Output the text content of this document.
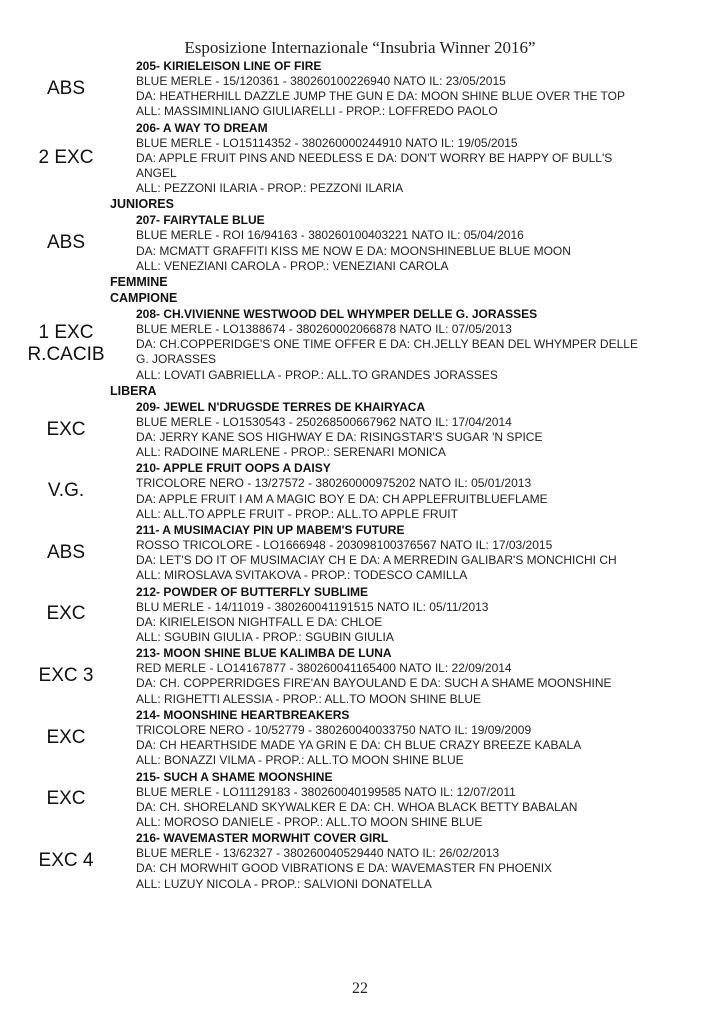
Esposizione Internazionale “Insubria Winner 2016”
ABS
205- KIRIELEISON LINE OF FIRE
BLUE MERLE - 15/120361 - 380260100226940 NATO IL: 23/05/2015
DA: HEATHERHILL DAZZLE JUMP THE GUN E DA: MOON SHINE BLUE OVER THE TOP
ALL: MASSIMINLIANO GIULIARELLI - PROP.: LOFFREDO PAOLO
2 EXC
206- A WAY TO DREAM
BLUE MERLE - LO15114352 - 380260000244910 NATO IL: 19/05/2015
DA: APPLE FRUIT PINS AND NEEDLESS E DA: DON'T WORRY BE HAPPY OF BULL'S
ANGEL
ALL: PEZZONI ILARIA - PROP.: PEZZONI ILARIA
JUNIORES
ABS
207- FAIRYTALE BLUE
BLUE MERLE - ROI 16/94163 - 380260100403221 NATO IL: 05/04/2016
DA: MCMATT GRAFFITI KISS ME NOW E DA: MOONSHINEBLUE BLUE MOON
ALL: VENEZIANI CAROLA - PROP.: VENEZIANI CAROLA
FEMMINE
CAMPIONE
1 EXC
R.CACIB
208- CH.VIVIENNE WESTWOOD DEL WHYMPER DELLE G. JORASSES
BLUE MERLE - LO1388674 - 380260002066878 NATO IL: 07/05/2013
DA: CH.COPPERIDGE'S ONE TIME OFFER E DA: CH.JELLY BEAN DEL WHYMPER DELLE
G. JORASSES
ALL: LOVATI GABRIELLA - PROP.: ALL.TO GRANDES JORASSES
LIBERA
EXC
209- JEWEL N'DRUGSDE TERRES DE KHAIRYACA
BLUE MERLE - LO1530543 - 250268500667962 NATO IL: 17/04/2014
DA: JERRY KANE SOS HIGHWAY E DA: RISINGSTAR'S SUGAR 'N SPICE
ALL: RADOINE MARLENE - PROP.: SERENARI MONICA
V.G.
210- APPLE FRUIT OOPS A DAISY
TRICOLORE NERO - 13/27572 - 380260000975202 NATO IL: 05/01/2013
DA: APPLE FRUIT I AM A MAGIC BOY E DA: CH APPLEFRUITBLUEFLAME
ALL: ALL.TO APPLE FRUIT - PROP.: ALL.TO APPLE FRUIT
ABS
211- A MUSIMACIAY PIN UP MABEM'S FUTURE
ROSSO TRICOLORE - LO1666948 - 203098100376567 NATO IL: 17/03/2015
DA: LET'S DO IT OF MUSIMACIAY CH E DA: A MERREDIN GALIBAR'S MONCHICHI CH
ALL: MIROSLAVA SVITAKOVA - PROP.: TODESCO CAMILLA
EXC
212- POWDER OF BUTTERFLY SUBLIME
BLU MERLE - 14/11019 - 380260041191515 NATO IL: 05/11/2013
DA: KIRIELEISON NIGHTFALL E DA: CHLOE
ALL: SGUBIN GIULIA - PROP.: SGUBIN GIULIA
EXC 3
213- MOON SHINE BLUE KALIMBA DE LUNA
RED MERLE - LO14167877 - 380260041165400 NATO IL: 22/09/2014
DA: CH. COPPERRIDGES FIRE'AN BAYOULAND E DA: SUCH A SHAME MOONSHINE
ALL: RIGHETTI ALESSIA - PROP.: ALL.TO MOON SHINE BLUE
EXC
214- MOONSHINE HEARTBREAKERS
TRICOLORE NERO - 10/52779 - 380260040033750 NATO IL: 19/09/2009
DA: CH HEARTHSIDE MADE YA GRIN E DA: CH BLUE CRAZY BREEZE KABALA
ALL: BONAZZI VILMA - PROP.: ALL.TO MOON SHINE BLUE
EXC
215- SUCH A SHAME MOONSHINE
BLUE MERLE - LO11129183 - 380260040199585 NATO IL: 12/07/2011
DA: CH. SHORELAND SKYWALKER E DA: CH. WHOA BLACK BETTY BABALAN
ALL: MOROSO DANIELE - PROP.: ALL.TO MOON SHINE BLUE
EXC 4
216- WAVEMASTER MORWHIT COVER GIRL
BLUE MERLE - 13/62327 - 380260040529440 NATO IL: 26/02/2013
DA: CH MORWHIT GOOD VIBRATIONS E DA: WAVEMASTER FN PHOENIX
ALL: LUZUY NICOLA - PROP.: SALVIONI DONATELLA
22
